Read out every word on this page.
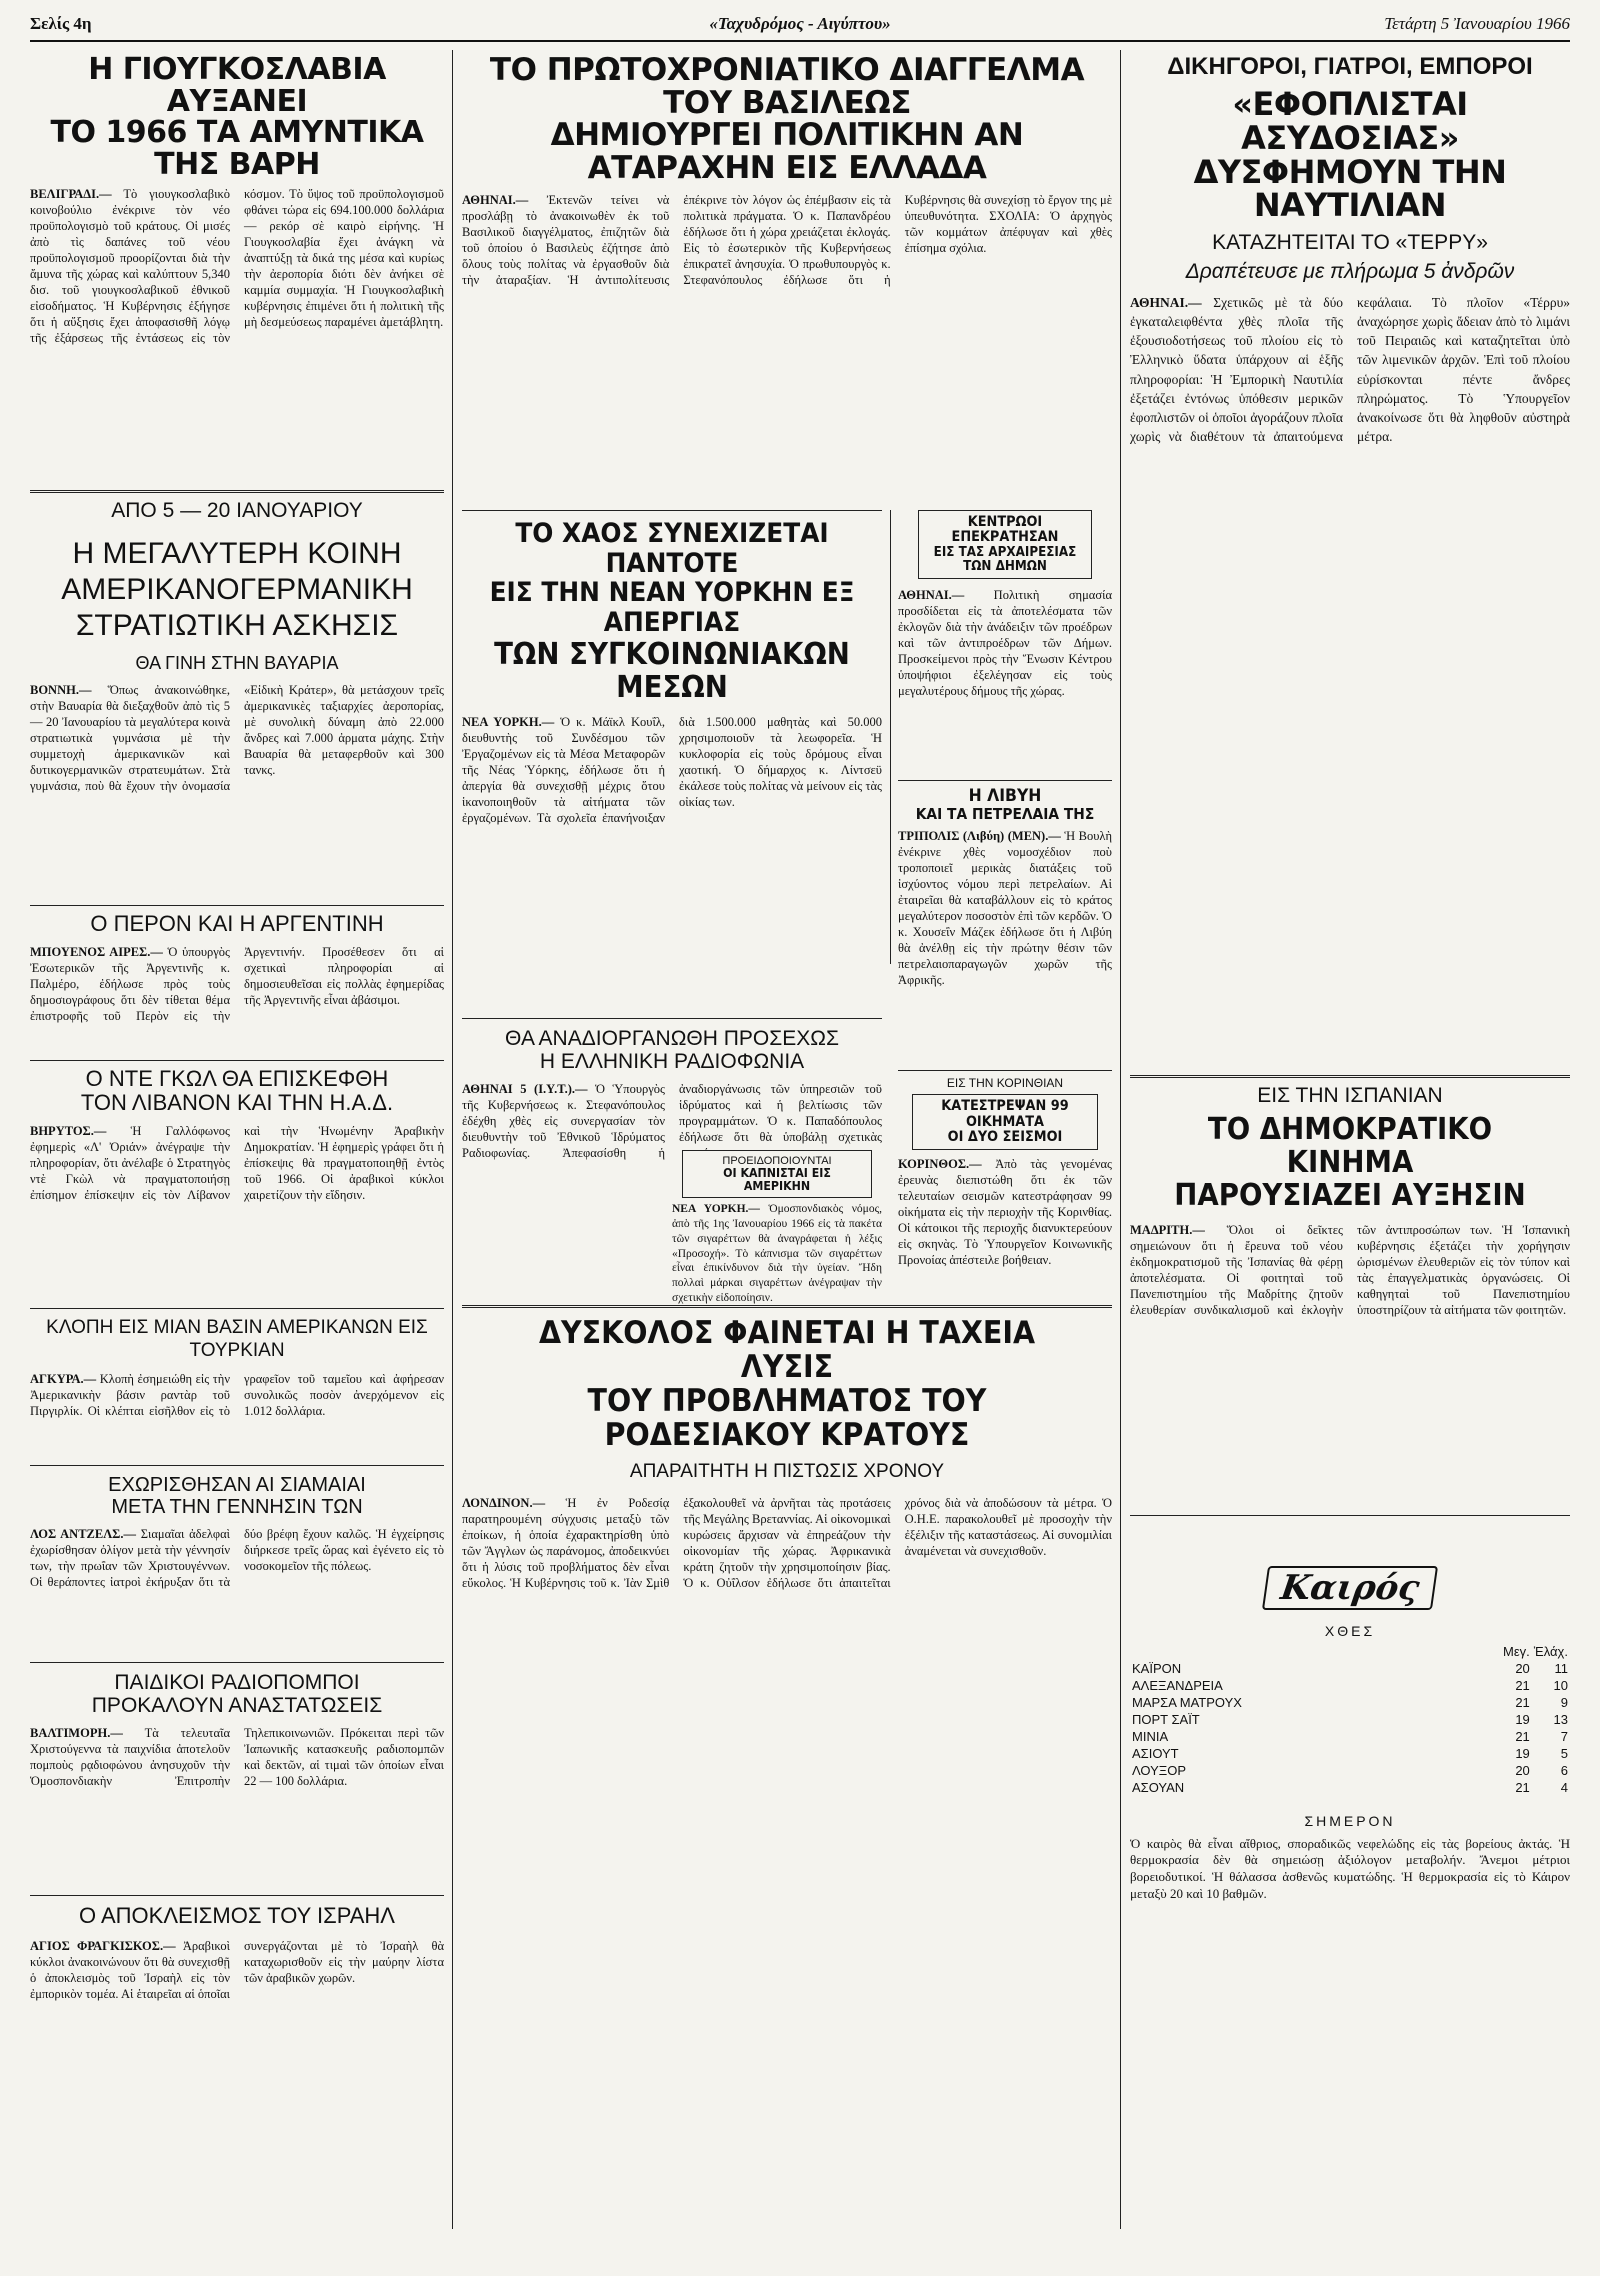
Σελίς 4η	«Ταχυδρόμος - Αιγύπτου»	Τετάρτη 5 Ἰανουαρίου 1966
Η ΓΙΟΥΓΚΟΣΛΑΒΙΑ ΑΥΞΑΝΕΙ
ΤΟ 1966 ΤΑ ΑΜΥΝΤΙΚΑ ΤΗΣ ΒΑΡΗ
ΒΕΛΙΓΡΑΔΙ.— Τὸ γιουγκοσλαβικὸ κοινοβούλιο ἐνέκρινε τὸν νέο προϋπολογισμὸ τοῦ κράτους. Οἱ μισές ἀπὸ τὶς δαπάνες τοῦ νέου προϋπολογισμοῦ προορίζονται διὰ τὴν ἄμυνα τῆς χώρας καὶ καλύπτουν 5,340 δισ. τοῦ γιουγκοσλαβικοῦ ἐθνικοῦ εἰσοδήματος. Ἡ Κυβέρνησις ἐξήγησε ὅτι ἡ αὔξησις ἔχει ἀποφασισθῆ λόγῳ τῆς ἐξάρσεως τῆς ἐντάσεως εἰς τὸν κόσμον. Τὸ ὕψος τοῦ προϋπολογισμοῦ φθάνει τώρα εἰς 694.100.000 δολλάρια — ρεκόρ σὲ καιρὸ εἰρήνης. Ἡ Γιουγκοσλαβία ἔχει ἀνάγκη νὰ ἀναπτύξῃ τὰ δικά της μέσα καὶ κυρίως τὴν ἀεροπορία διότι δὲν ἀνήκει σὲ καμμία συμμαχία. Ἡ Γιουγκοσλαβικὴ κυβέρνησις ἐπιμένει ὅτι ἡ πολιτικὴ τῆς μὴ δεσμεύσεως παραμένει ἀμετάβλητη.
ΤΟ ΠΡΩΤΟΧΡΟΝΙΑΤΙΚΟ ΔΙΑΓΓΕΛΜΑ ΤΟΥ ΒΑΣΙΛΕΩΣ
ΔΗΜΙΟΥΡΓΕΙ ΠΟΛΙΤΙΚΗΝ ΑΝ ΑΤΑΡΑΧΗΝ ΕΙΣ ΕΛΛΑΔΑ
ΑΘΗΝΑΙ.— Ἐκτενῶν τείνει νὰ προσλάβῃ τὸ ἀνακοινωθὲν ἐκ τοῦ Βασιλικοῦ διαγγέλματος, ἐπιζητῶν διὰ τοῦ ὁποίου ὁ Βασιλεὺς ἐζήτησε ἀπὸ ὅλους τοὺς πολίτας νὰ ἐργασθοῦν διὰ τὴν ἀταραξίαν. Ἡ ἀντιπολίτευσις ἐπέκρινε τὸν λόγον ὡς ἐπέμβασιν εἰς τὰ πολιτικὰ πράγματα. Ὁ κ. Παπανδρέου ἐδήλωσε ὅτι ἡ χώρα χρειάζεται ἐκλογάς. Εἰς τὸ ἐσωτερικὸν τῆς Κυβερνήσεως ἐπικρατεῖ ἀνησυχία. Ὁ πρωθυπουργὸς κ. Στεφανόπουλος ἐδήλωσε ὅτι ἡ Κυβέρνησις θὰ συνεχίσῃ τὸ ἔργον της μὲ ὑπευθυνότητα. ΣΧΟΛΙΑ: Ὁ ἀρχηγὸς τῶν κομμάτων ἀπέφυγαν καὶ χθὲς ἐπίσημα σχόλια.
ΔΙΚΗΓΟΡΟΙ, ΓΙΑΤΡΟΙ, ΕΜΠΟΡΟΙ
«ΕΦΟΠΛΙΣΤΑΙ ΑΣΥΔΟΣΙΑΣ»
ΔΥΣΦΗΜΟΥΝ ΤΗΝ ΝΑΥΤΙΛΙΑΝ
ΚΑΤΑΖΗΤΕΙΤΑΙ ΤΟ «ΤΕΡΡΥ»
Δραπέτευσε με πλήρωμα 5 ἀνδρῶν
ΑΘΗΝΑΙ.— Σχετικῶς μὲ τὰ δύο ἐγκαταλειφθέντα χθὲς πλοῖα τῆς ἐξουσιοδοτήσεως τοῦ πλοίου εἰς τὸ Ἐλληνικὸ ὕδατα ὑπάρχουν αἱ ἑξῆς πληροφορίαι: Ἡ Ἐμπορικὴ Ναυτιλία ἐξετάζει ἐντόνως ὑπόθεσιν μερικῶν ἐφοπλιστῶν οἱ ὁποῖοι ἀγοράζουν πλοῖα χωρὶς νὰ διαθέτουν τὰ ἀπαιτούμενα κεφάλαια. Τὸ πλοῖον «Τέρρυ» ἀναχώρησε χωρὶς ἄδειαν ἀπὸ τὸ λιμάνι τοῦ Πειραιῶς καὶ καταζητεῖται ὑπὸ τῶν λιμενικῶν ἀρχῶν. Ἐπὶ τοῦ πλοίου εὑρίσκονται πέντε ἄνδρες πληρώματος. Τὸ Ὑπουργεῖον ἀνακοίνωσε ὅτι θὰ ληφθοῦν αὐστηρὰ μέτρα.
ΑΠΟ 5 — 20 ΙΑΝΟΥΑΡΙΟΥ
Η ΜΕΓΑΛΥΤΕΡΗ ΚΟΙΝΗ ΑΜΕΡΙΚΑΝΟΓΕΡΜΑΝΙΚΗ ΣΤΡΑΤΙΩΤΙΚΗ ΑΣΚΗΣΙΣ
ΘΑ ΓΙΝΗ ΣΤΗΝ ΒΑΥΑΡΙΑ
ΒΟΝΝΗ.— Ὅπως ἀνακοινώθηκε, στὴν Βαυαρία θὰ διεξαχθοῦν ἀπὸ τὶς 5 — 20 Ἰανουαρίου τὰ μεγαλύτερα κοινὰ στρατιωτικὰ γυμνάσια μὲ τὴν συμμετοχὴ ἀμερικανικῶν καὶ δυτικογερμανικῶν στρατευμάτων. Στὰ γυμνάσια, ποὺ θὰ ἔχουν τὴν ὀνομασία «Εἰδικὴ Κράτερ», θὰ μετάσχουν τρεῖς ἀμερικανικὲς ταξιαρχίες ἀεροπορίας, μὲ συνολικὴ δύναμη ἀπὸ 22.000 ἄνδρες καὶ 7.000 ἀρματα μάχης. Στὴν Βαυαρία θὰ μεταφερθοῦν καὶ 300 τανκς.
Ο ΠΕΡΟΝ ΚΑΙ Η ΑΡΓΕΝΤΙΝΗ
ΜΠΟΥΕΝΟΣ ΑΙΡΕΣ.— Ὁ ὑπουργὸς Ἐσωτερικῶν τῆς Ἀργεντινῆς κ. Παλμέρο, ἐδήλωσε πρὸς τοὺς δημοσιογράφους ὅτι δὲν τίθεται θέμα ἐπιστροφῆς τοῦ Περὸν εἰς τὴν Ἀργεντινήν. Προσέθεσεν ὅτι αἱ σχετικαὶ πληροφορίαι αἱ δημοσιευθεῖσαι εἰς πολλὰς ἐφημερίδας τῆς Ἀργεντινῆς εἶναι ἀβάσιμοι.
Ο ΝΤΕ ΓΚΩΛ ΘΑ ΕΠΙΣΚΕΦΘΗ
ΤΟΝ ΛΙΒΑΝΟΝ ΚΑΙ ΤΗΝ Η.Α.Δ.
ΒΗΡΥΤΟΣ.— Ἡ Γαλλόφωνος ἐφημερὶς «Λ' Ὀριάν» ἀνέγραψε τὴν πληροφορίαν, ὅτι ἀνέλαβε ὁ Στρατηγὸς ντὲ Γκὼλ νὰ πραγματοποιήσῃ ἐπίσημον ἐπίσκεψιν εἰς τὸν Λίβανον καὶ τὴν Ἡνωμένην Ἀραβικὴν Δημοκρατίαν. Ἡ ἐφημερὶς γράφει ὅτι ἡ ἐπίσκεψις θὰ πραγματοποιηθῇ ἐντὸς τοῦ 1966. Οἱ ἀραβικοὶ κύκλοι χαιρετίζουν τὴν εἴδησιν.
ΚΛΟΠΗ ΕΙΣ ΜΙΑΝ ΒΑΣΙΝ ΑΜΕΡΙΚΑΝΩΝ ΕΙΣ ΤΟΥΡΚΙΑΝ
ΑΓΚΥΡΑ.— Κλοπὴ ἐσημειώθη εἰς τὴν Ἀμερικανικὴν βάσιν ραντὰρ τοῦ Πιργιρλίκ. Οἱ κλέπται εἰσῆλθον εἰς τὸ γραφεῖον τοῦ ταμεῖου καὶ ἀφήρεσαν συνολικῶς ποσὸν ἀνερχόμενον εἰς 1.012 δολλάρια.
ΕΧΩΡΙΣΘΗΣΑΝ ΑΙ ΣΙΑΜΑΙΑΙ
ΜΕΤΑ ΤΗΝ ΓΕΝΝΗΣΙΝ ΤΩΝ
ΛΟΣ ΑΝΤΖΕΛΣ.— Σιαμαῖαι ἀδελφαὶ ἐχωρίσθησαν ὀλίγον μετὰ τὴν γέννησίν των, τὴν πρωΐαν τῶν Χριστουγέννων. Οἱ θεράποντες ἰατροὶ ἐκήρυξαν ὅτι τὰ δύο βρέφη ἔχουν καλῶς. Ἡ ἐγχείρησις διήρκεσε τρεῖς ὥρας καὶ ἐγένετο εἰς τὸ νοσοκομεῖον τῆς πόλεως.
ΠΑΙΔΙΚΟΙ ΡΑΔΙΟΠΟΜΠΟΙ
ΠΡΟΚΑΛΟΥΝ ΑΝΑΣΤΑΤΩΣΕΙΣ
ΒΑΛΤΙΜΟΡΗ.— Τὰ τελευταῖα Χριστούγεννα τὰ παιχνίδια ἀποτελοῦν πομποὺς ρᾳδιοφώνου ἀνησυχοῦν τὴν Ὁμοσπονδιακὴν Ἐπιτροπὴν Τηλεπικοινωνιῶν. Πρόκειται περὶ τῶν Ἰαπωνικῆς κατασκευῆς ραδιοπομπῶν καὶ δεκτῶν, αἱ τιμαὶ τῶν ὁποίων εἶναι 22 — 100 δολλάρια.
Ο ΑΠΟΚΛΕΙΣΜΟΣ ΤΟΥ ΙΣΡΑΗΛ
ΑΓΙΟΣ ΦΡΑΓΚΙΣΚΟΣ.— Ἀραβικοὶ κύκλοι ἀνακοινώνουν ὅτι θὰ συνεχισθῇ ὁ ἀποκλεισμὸς τοῦ Ἰσραὴλ εἰς τὸν ἐμπορικὸν τομέα. Αἱ ἑταιρεῖαι αἱ ὁποῖαι συνεργάζονται μὲ τὸ Ἰσραὴλ θὰ καταχωρισθοῦν εἰς τὴν μαύρην λίστα τῶν ἀραβικῶν χωρῶν.
ΤΟ ΧΑΟΣ ΣΥΝΕΧΙΖΕΤΑΙ ΠΑΝΤΟΤΕ
ΕΙΣ ΤΗΝ ΝΕΑΝ ΥΟΡΚΗΝ ΕΞ ΑΠΕΡΓΙΑΣ
ΤΩΝ ΣΥΓΚΟΙΝΩΝΙΑΚΩΝ ΜΕΣΩΝ
ΝΕΑ ΥΟΡΚΗ.— Ὁ κ. Μάϊκλ Κουΐλ, διευθυντὴς τοῦ Συνδέσμου τῶν Ἐργαζομένων εἰς τὰ Μέσα Μεταφορῶν τῆς Νέας Ὑόρκης, ἐδήλωσε ὅτι ἡ ἀπεργία θὰ συνεχισθῇ μέχρις ὅτου ἱκανοποιηθοῦν τὰ αἰτήματα τῶν ἐργαζομένων. Τὰ σχολεῖα ἐπανήνοιξαν διὰ 1.500.000 μαθητὰς καὶ 50.000 χρησιμοποιοῦν τὰ λεωφορεῖα. Ἡ κυκλοφορία εἰς τοὺς δρόμους εἶναι χαοτική. Ὁ δήμαρχος κ. Λίντσεϋ ἐκάλεσε τοὺς πολίτας νὰ μείνουν εἰς τὰς οἰκίας των.
ΚΕΝΤΡΩΟΙ ΕΠΕΚΡΑΤΗΣΑΝ
ΕΙΣ ΤΑΣ ΑΡΧΑΙΡΕΣΙΑΣ ΤΩΝ ΔΗΜΩΝ
ΑΘΗΝΑΙ.— Πολιτικὴ σημασία προσδίδεται εἰς τὰ ἀποτελέσματα τῶν ἐκλογῶν διὰ τὴν ἀνάδειξιν τῶν προέδρων καὶ τῶν ἀντιπροέδρων τῶν Δήμων. Προσκείμενοι πρὸς τὴν Ἕνωσιν Κέντρου ὑποψήφιοι ἐξελέγησαν εἰς τοὺς μεγαλυτέρους δήμους τῆς χώρας.
Η ΛΙΒΥΗ
ΚΑΙ ΤΑ ΠΕΤΡΕΛΑΙΑ ΤΗΣ
ΤΡΙΠΟΛΙΣ (Λιβύη) (ΜΕΝ).— Ἡ Βουλὴ ἐνέκρινε χθὲς νομοσχέδιον ποὺ τροποποιεῖ μερικὰς διατάξεις τοῦ ἰσχύοντος νόμου περὶ πετρελαίων. Αἱ ἐταιρεῖαι θὰ καταβάλλουν εἰς τὸ κράτος μεγαλύτερον ποσοστὸν ἐπὶ τῶν κερδῶν. Ὁ κ. Χουσεΐν Μάζεκ ἐδήλωσε ὅτι ἡ Λιβύη θὰ ἀνέλθῃ εἰς τὴν πρώτην θέσιν τῶν πετρελαιοπαραγωγῶν χωρῶν τῆς Ἀφρικῆς.
ΕΙΣ ΤΗΝ ΚΟΡΙΝΘΙΑΝ
ΚΑΤΕΣΤΡΕΨΑΝ 99 ΟΙΚΗΜΑΤΑ
ΟΙ ΔΥΟ ΣΕΙΣΜΟΙ
ΚΟΡΙΝΘΟΣ.— Ἀπὸ τὰς γενομένας ἐρευνὰς διεπιστώθη ὅτι ἐκ τῶν τελευταίων σεισμῶν κατεστράφησαν 99 οἰκήματα εἰς τὴν περιοχὴν τῆς Κορινθίας. Οἱ κάτοικοι τῆς περιοχῆς διανυκτερεύουν εἰς σκηνὰς. Τὸ Ὑπουργεῖον Κοινωνικῆς Προνοίας ἀπέστειλε βοήθειαν.
ΘΑ ΑΝΑΔΙΟΡΓΑΝΩΘΗ ΠΡΟΣΕΧΩΣ
Η ΕΛΛΗΝΙΚΗ ΡΑΔΙΟΦΩΝΙΑ
ΑΘΗΝΑΙ 5 (Ι.Υ.Τ.).— Ὁ Ὑπουργὸς τῆς Κυβερνήσεως κ. Στεφανόπουλος ἐδέχθη χθὲς εἰς συνεργασίαν τὸν διευθυντὴν τοῦ Ἐθνικοῦ Ἱδρύματος Ραδιοφωνίας. Ἀπεφασίσθη ἡ ἀναδιοργάνωσις τῶν ὑπηρεσιῶν τοῦ ἱδρύματος καὶ ἡ βελτίωσις τῶν προγραμμάτων. Ὁ κ. Παπαδόπουλος ἐδήλωσε ὅτι θὰ ὑποβάλῃ σχετικὰς
ΠΡΟΕΙΔΟΠΟΙΟΥΝΤΑΙ
ΟΙ ΚΑΠΝΙΣΤΑΙ ΕΙΣ ΑΜΕΡΙΚΗΝ
ΝΕΑ ΥΟΡΚΗ.— Ὁμοσπονδιακὸς νόμος, ἀπὸ τῆς 1ης Ἰανουαρίου 1966 εἰς τὰ πακέτα τῶν σιγαρέττων θὰ ἀναγράφεται ἡ λέξις «Προσοχή». Τὸ κάπνισμα τῶν σιγαρέττων εἶναι ἐπικίνδυνον διὰ τὴν ὑγείαν. Ἤδη πολλαὶ μάρκαι σιγαρέττων ἀνέγραψαν τὴν σχετικὴν εἰδοποίησιν.
ΕΙΣ ΤΗΝ ΙΣΠΑΝΙΑΝ
ΤΟ ΔΗΜΟΚΡΑΤΙΚΟ ΚΙΝΗΜΑ
ΠΑΡΟΥΣΙΑΖΕΙ ΑΥΞΗΣΙΝ
ΜΑΔΡΙΤΗ.— Ὅλοι οἱ δεῖκτες σημειώνουν ὅτι ἡ ἔρευνα τοῦ νέου ἐκδημοκρατισμοῦ τῆς Ἰσπανίας θὰ φέρῃ ἀποτελέσματα. Οἱ φοιτηταὶ τοῦ Πανεπιστημίου τῆς Μαδρίτης ζητοῦν ἐλευθερίαν συνδικαλισμοῦ καὶ ἐκλογὴν τῶν ἀντιπροσώπων των. Ἡ Ἰσπανικὴ κυβέρνησις ἐξετάζει τὴν χορήγησιν ὡρισμένων ἐλευθεριῶν εἰς τὸν τύπον καὶ τὰς ἐπαγγελματικὰς ὀργανώσεις. Οἱ καθηγηταὶ τοῦ Πανεπιστημίου ὑποστηρίζουν τὰ αἰτήματα τῶν φοιτητῶν.
ΔΥΣΚΟΛΟΣ ΦΑΙΝΕΤΑΙ Η ΤΑΧΕΙΑ ΛΥΣΙΣ
ΤΟΥ ΠΡΟΒΛΗΜΑΤΟΣ ΤΟΥ ΡΟΔΕΣΙΑΚΟΥ ΚΡΑΤΟΥΣ
ΑΠΑΡΑΙΤΗΤΗ Η ΠΙΣΤΩΣΙΣ ΧΡΟΝΟΥ
ΛΟΝΔΙΝΟΝ.— Ἡ ἐν Ροδεσίᾳ παρατηρουμένη σύγχυσις μεταξὺ τῶν ἐποίκων, ἡ ὁποία ἐχαρακτηρίσθη ὑπὸ τῶν Ἄγγλων ὡς παράνομος, ἀποδεικνύει ὅτι ἡ λύσις τοῦ προβλήματος δὲν εἶναι εὔκολος. Ἡ Κυβέρνησις τοῦ κ. Ἰὰν Σμὶθ ἐξακολουθεῖ νὰ ἀρνῆται τὰς προτάσεις τῆς Μεγάλης Βρεταννίας. Αἱ οἰκονομικαὶ κυρώσεις ἄρχισαν νὰ ἐπηρεάζουν τὴν οἰκονομίαν τῆς χώρας. Ἀφρικανικὰ κράτη ζητοῦν τὴν χρησιμοποίησιν βίας. Ὁ κ. Οὐΐλσον ἐδήλωσε ὅτι ἀπαιτεῖται χρόνος διὰ νὰ ἀποδώσουν τὰ μέτρα. Ὁ Ο.Η.Ε. παρακολουθεῖ μὲ προσοχὴν τὴν ἐξέλιξιν τῆς καταστάσεως. Αἱ συνομιλίαι ἀναμένεται νὰ συνεχισθοῦν.
Καιρός
ΧΘΕΣ
	Μεγ.	Ἐλάχ.
ΚΑΪΡΟΝ	20	11
ΑΛΕΞΑΝΔΡΕΙΑ	21	10
ΜΑΡΣΑ ΜΑΤΡΟΥΧ	21	9
ΠΟΡΤ ΣΑΪΤ	19	13
ΜΙΝΙΑ	21	7
ΑΣΙΟΥΤ	19	5
ΛΟΥΞΟΡ	20	6
ΑΣΟΥΑΝ	21	4
ΣΗΜΕΡΟΝ
Ὁ καιρὸς θὰ εἶναι αἴθριος, σποραδικῶς νεφελώδης εἰς τὰς βορείους ἀκτάς. Ἡ θερμοκρασία δὲν θὰ σημειώσῃ ἀξιόλογον μεταβολήν. Ἄνεμοι μέτριοι βορειοδυτικοί. Ἡ θάλασσα ἀσθενῶς κυματώδης. Ἡ θερμοκρασία εἰς τὸ Κάιρον μεταξὺ 20 καὶ 10 βαθμῶν.
